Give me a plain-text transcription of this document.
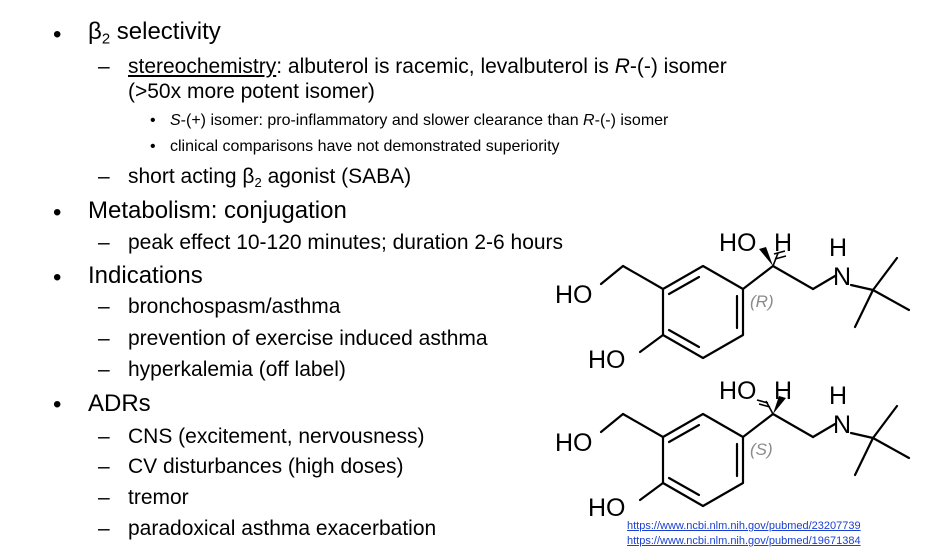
• $\beta_2$ selectivity
– stereochemistry: albuterol is racemic, levalbuterol is R-(-) isomer
(>50x more potent isomer)
• S-(+) isomer: pro-inflammatory and slower clearance than R-(-) isomer
• clinical comparisons have not demonstrated superiority
– short acting $\beta_2$ agonist (SABA)
• Metabolism: conjugation
– peak effect 10-120 minutes; duration 2-6 hours
• Indications
– bronchospasm/asthma
– prevention of exercise induced asthma
– hyperkalemia (off label)
• ADRs
– CNS (excitement, nervousness)
– CV disturbances (high doses)
– tremor
– paradoxical asthma exacerbation
HO H H
N
HO
HO
(R)
HO H H
N
HO
HO
(S)
https://www.ncbi.nlm.nih.gov/pubmed/23207739
https://www.ncbi.nlm.nih.gov/pubmed/19671384
